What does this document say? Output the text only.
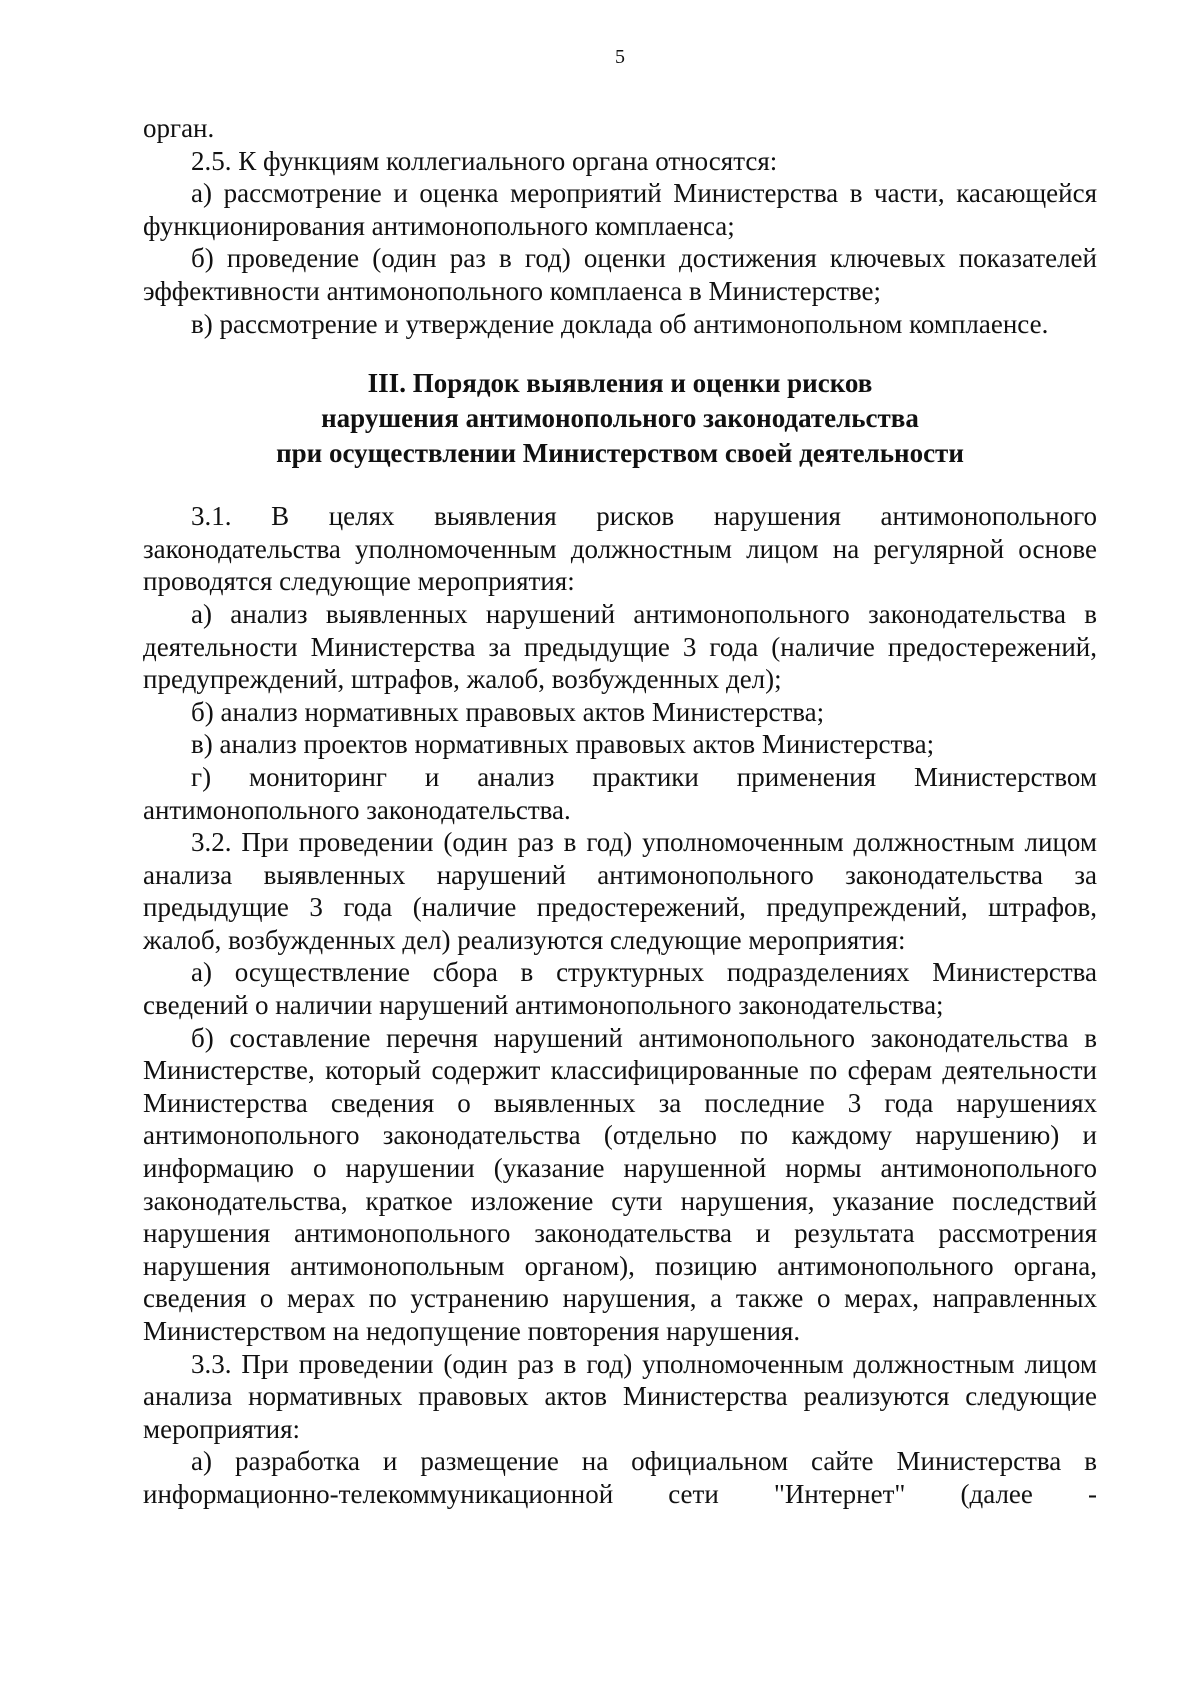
5

орган.

2.5. К функциям коллегиального органа относятся:

а) рассмотрение и оценка мероприятий Министерства в части, касающейся функционирования антимонопольного комплаенса;

б) проведение (один раз в год) оценки достижения ключевых показателей эффективности антимонопольного комплаенса в Министерстве;

в) рассмотрение и утверждение доклада об антимонопольном комплаенсе.

III. Порядок выявления и оценки рисков
нарушения антимонопольного законодательства
при осуществлении Министерством своей деятельности

3.1. В целях выявления рисков нарушения антимонопольного законодательства уполномоченным должностным лицом на регулярной основе проводятся следующие мероприятия:

а) анализ выявленных нарушений антимонопольного законодательства в деятельности Министерства за предыдущие 3 года (наличие предостережений, предупреждений, штрафов, жалоб, возбужденных дел);

б) анализ нормативных правовых актов Министерства;

в) анализ проектов нормативных правовых актов Министерства;

г) мониторинг и анализ практики применения Министерством антимонопольного законодательства.

3.2. При проведении (один раз в год) уполномоченным должностным лицом анализа выявленных нарушений антимонопольного законодательства за предыдущие 3 года (наличие предостережений, предупреждений, штрафов, жалоб, возбужденных дел) реализуются следующие мероприятия:

а) осуществление сбора в структурных подразделениях Министерства сведений о наличии нарушений антимонопольного законодательства;

б) составление перечня нарушений антимонопольного законодательства в Министерстве, который содержит классифицированные по сферам деятельности Министерства сведения о выявленных за последние 3 года нарушениях антимонопольного законодательства (отдельно по каждому нарушению) и информацию о нарушении (указание нарушенной нормы антимонопольного законодательства, краткое изложение сути нарушения, указание последствий нарушения антимонопольного законодательства и результата рассмотрения нарушения антимонопольным органом), позицию антимонопольного органа, сведения о мерах по устранению нарушения, а также о мерах, направленных Министерством на недопущение повторения нарушения.

3.3. При проведении (один раз в год) уполномоченным должностным лицом анализа нормативных правовых актов Министерства реализуются следующие мероприятия:

а) разработка и размещение на официальном сайте Министерства в информационно-телекоммуникационной сети "Интернет" (далее -
